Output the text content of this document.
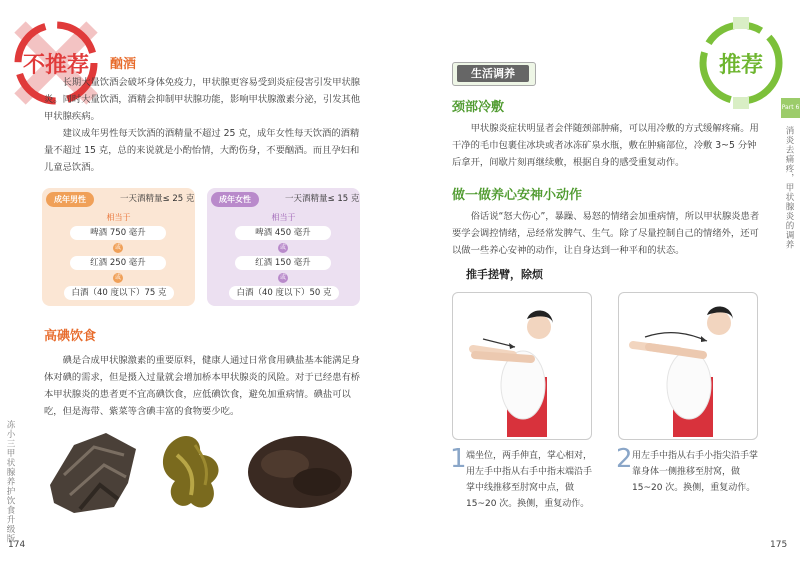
不推荐	酗酒

长期大量饮酒会破坏身体免疫力，甲状腺更容易受到炎症侵害引发甲状腺炎。同时大量饮酒，酒精会抑制甲状腺功能，影响甲状腺激素分泌，引发其他甲状腺疾病。

建议成年男性每天饮酒的酒精量不超过 25 克，成年女性每天饮酒的酒精量不超过 15 克，总的来说就是小酌怡情，大酌伤身，不要酗酒。而且孕妇和儿童忌饮酒。

成年男性	一天酒精量≤ 25 克
相当于
啤酒 750 毫升
或
红酒 250 毫升
或
白酒（40 度以下）75 克
成年女性	一天酒精量≤ 15 克
相当于
啤酒 450 毫升
或
红酒 150 毫升
或
白酒（40 度以下）50 克
高碘饮食

碘是合成甲状腺激素的重要原料，健康人通过日常食用碘盐基本能满足身体对碘的需求，但是摄入过量就会增加桥本甲状腺炎的风险。对于已经患有桥本甲状腺炎的患者更不宜高碘饮食，应低碘饮食，避免加重病情。碘盐可以吃，但是海带、紫菜等含碘丰富的食物要少吃。

冻小三甲状腺养护饮食升级版
174
推荐
生活调养
颈部冷敷

甲状腺炎症状明显者会伴随颈部肿痛，可以用冷敷的方式缓解疼痛。用干净的毛巾包裹住冰块或者冰冻矿泉水瓶，敷在肿痛部位，冷敷 3~5 分钟后拿开，间歇片刻再继续敷，根据自身的感受重复动作。

做一做养心安神小动作

俗话说“怒大伤心”，暴躁、易怒的情绪会加重病情，所以甲状腺炎患者要学会调控情绪，忌经常发脾气、生气。除了尽量控制自己的情绪外，还可以做一些养心安神的动作，让自身达到一种平和的状态。

推手搓臂，除烦
1 端坐位，两手伸直，掌心相对，用左手中指从右手中指末端沿手掌中线推移至肘窝中点，做 15~20 次。换侧，重复动作。
2 用左手中指从右手小指尖沿手掌靠身体一侧推移至肘窝，做 15~20 次。换侧，重复动作。
Part 6
消炎去痛疼，甲状腺炎的调养
175
